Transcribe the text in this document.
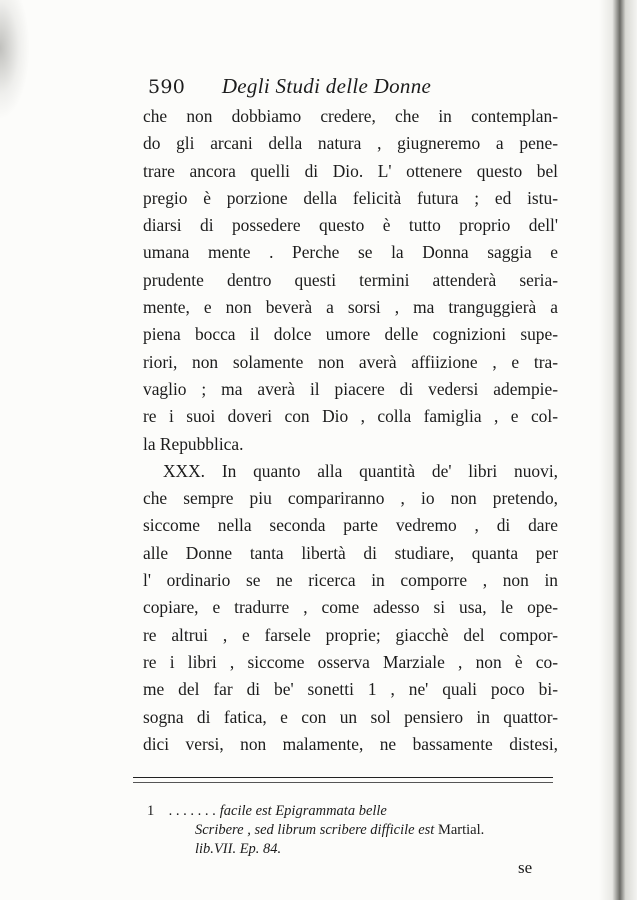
590 Degli Studi delle Donne
che non dobbiamo credere, che in contemplan-
do gli arcani della natura , giugneremo a pene-
trare ancora quelli di Dio. L' ottenere questo bel
pregio è porzione della felicità futura ; ed istu-
diarsi di possedere questo è tutto proprio dell'
umana mente . Perche se la Donna saggia e
prudente dentro questi termini attenderà seria-
mente, e non beverà a sorsi , ma tranguggierà a
piena bocca il dolce umore delle cognizioni supe-
riori, non solamente non averà affiizione , e tra-
vaglio ; ma averà il piacere di vedersi adempie-
re i suoi doveri con Dio , colla famiglia , e col-
la Repubblica.
XXX. In quanto alla quantità de' libri nuovi,
che sempre piu compariranno , io non pretendo,
siccome nella seconda parte vedremo , di dare
alle Donne tanta libertà di studiare, quanta per
l' ordinario se ne ricerca in comporre , non in
copiare, e tradurre , come adesso si usa, le ope-
re altrui , e farsele proprie; giacchè del compor-
re i libri , siccome osserva Marziale , non è co-
me del far di be' sonetti 1 , ne' quali poco bi-
sogna di fatica, e con un sol pensiero in quattor-
dici versi, non malamente, ne bassamente distesi,
1 . . . . . . . facile est Epigrammata belle
Scribere , sed librum scribere difficile est Martial.
lib.VII. Ep. 84.
se
